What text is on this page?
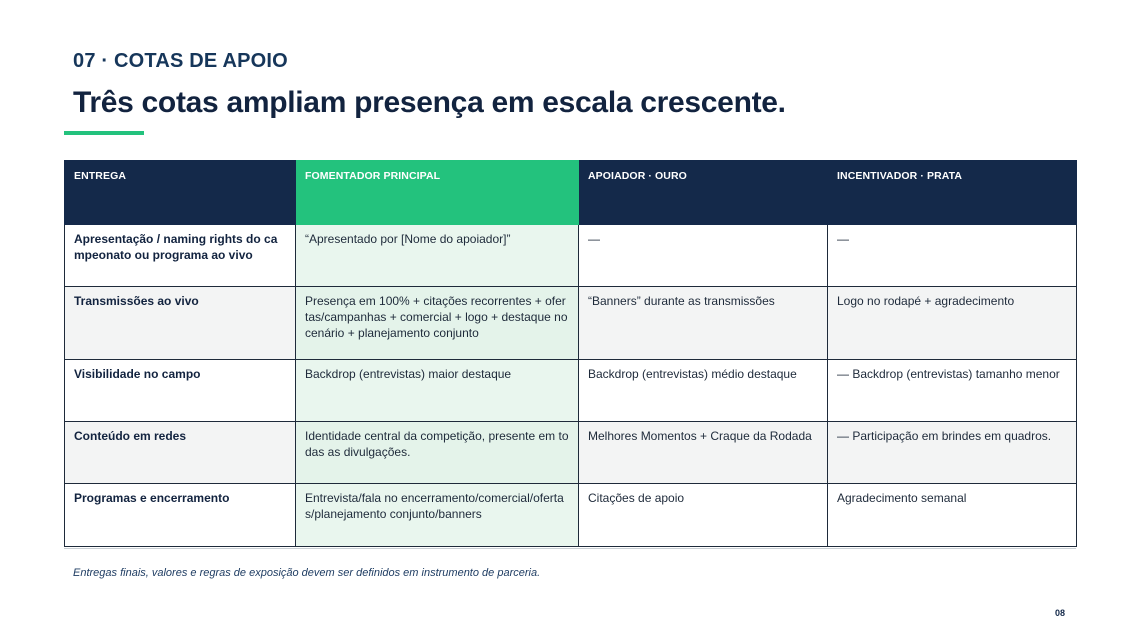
07 · COTAS DE APOIO
Três cotas ampliam presença em escala crescente.
ENTREGA	FOMENTADOR PRINCIPAL	APOIADOR · OURO	INCENTIVADOR · PRATA
Apresentação / naming rights do campeonato ou programa ao vivo	“Apresentado por [Nome do apoiador]”	—	—
Transmissões ao vivo	Presença em 100% + citações recorrentes + ofertas/campanhas + comercial + logo + destaque no cenário + planejamento conjunto	“Banners” durante as transmissões	Logo no rodapé + agradecimento
Visibilidade no campo	Backdrop (entrevistas) maior destaque	Backdrop (entrevistas) médio destaque	— Backdrop (entrevistas) tamanho menor
Conteúdo em redes	Identidade central da competição, presente em todas as divulgações.	Melhores Momentos + Craque da Rodada	— Participação em brindes em quadros.
Programas e encerramento	Entrevista/fala no encerramento/comercial/ofertas/planejamento conjunto/banners	Citações de apoio	Agradecimento semanal
Entregas finais, valores e regras de exposição devem ser definidos em instrumento de parceria.
08
